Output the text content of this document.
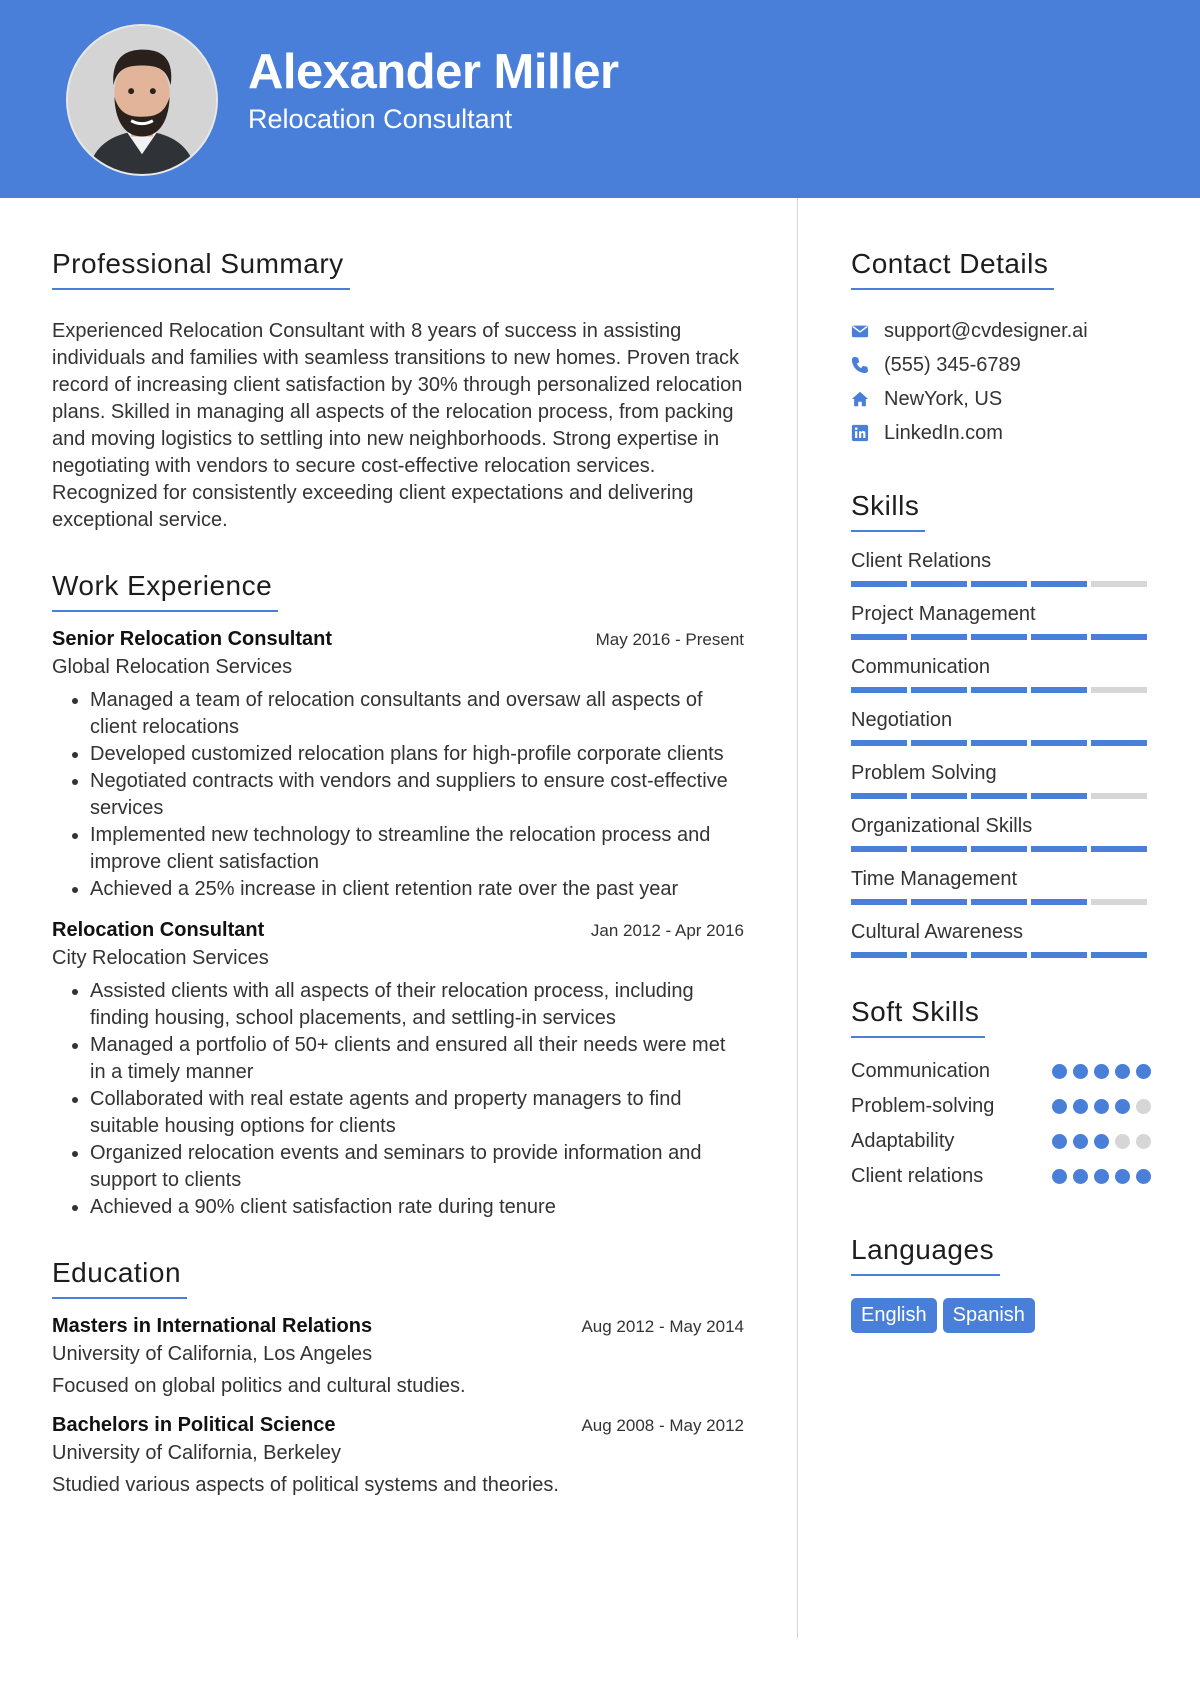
Alexander Miller
Relocation Consultant
Professional Summary

Experienced Relocation Consultant with 8 years of success in assisting individuals and families with seamless transitions to new homes. Proven track record of increasing client satisfaction by 30% through personalized relocation plans. Skilled in managing all aspects of the relocation process, from packing and moving logistics to settling into new neighborhoods. Strong expertise in negotiating with vendors to secure cost-effective relocation services. Recognized for consistently exceeding client expectations and delivering exceptional service.

Work Experience
Senior Relocation Consultant	May 2016 - Present
Global Relocation Services
• Managed a team of relocation consultants and oversaw all aspects of client relocations
• Developed customized relocation plans for high-profile corporate clients
• Negotiated contracts with vendors and suppliers to ensure cost-effective services
• Implemented new technology to streamline the relocation process and improve client satisfaction
• Achieved a 25% increase in client retention rate over the past year
Relocation Consultant	Jan 2012 - Apr 2016
City Relocation Services
• Assisted clients with all aspects of their relocation process, including finding housing, school placements, and settling-in services
• Managed a portfolio of 50+ clients and ensured all their needs were met in a timely manner
• Collaborated with real estate agents and property managers to find suitable housing options for clients
• Organized relocation events and seminars to provide information and support to clients
• Achieved a 90% client satisfaction rate during tenure
Education
Masters in International Relations	Aug 2012 - May 2014
University of California, Los Angeles
Focused on global politics and cultural studies.
Bachelors in Political Science	Aug 2008 - May 2012
University of California, Berkeley
Studied various aspects of political systems and theories.
Contact Details
support@cvdesigner.ai
(555) 345-6789
NewYork, US
LinkedIn.com
Skills
Client Relations
Project Management
Communication
Negotiation
Problem Solving
Organizational Skills
Time Management
Cultural Awareness
Soft Skills
Communication
Problem-solving
Adaptability
Client relations
Languages
English	Spanish
